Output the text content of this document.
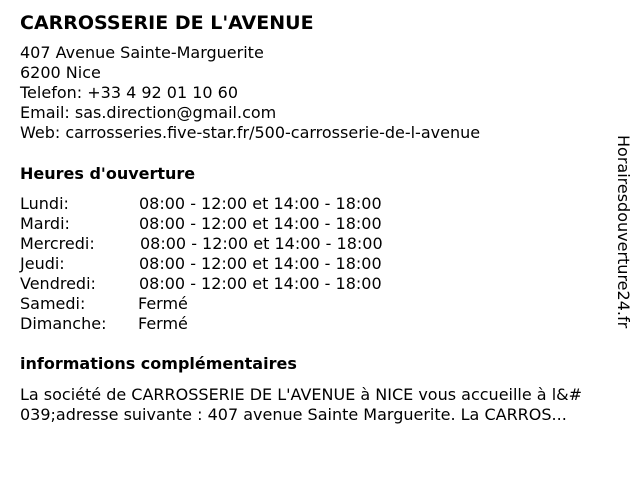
CARROSSERIE DE L'AVENUE
407 Avenue Sainte-Marguerite
6200 Nice
Telefon: +33 4 92 01 10 60
Email: sas.direction@gmail.com
Web: carrosseries.five-star.fr/500-carrosserie-de-l-avenue
Heures d'ouverture
Lundi:	08:00 - 12:00 et 14:00 - 18:00
Mardi:	08:00 - 12:00 et 14:00 - 18:00
Mercredi:	08:00 - 12:00 et 14:00 - 18:00
Jeudi:	08:00 - 12:00 et 14:00 - 18:00
Vendredi:	08:00 - 12:00 et 14:00 - 18:00
Samedi:	Fermé
Dimanche: Fermé
informations complémentaires
La société de CARROSSERIE DE L'AVENUE à NICE vous accueille à l&#
039;adresse suivante : 407 avenue Sainte Marguerite. La CARROS...
Horairesdouverture24.fr
